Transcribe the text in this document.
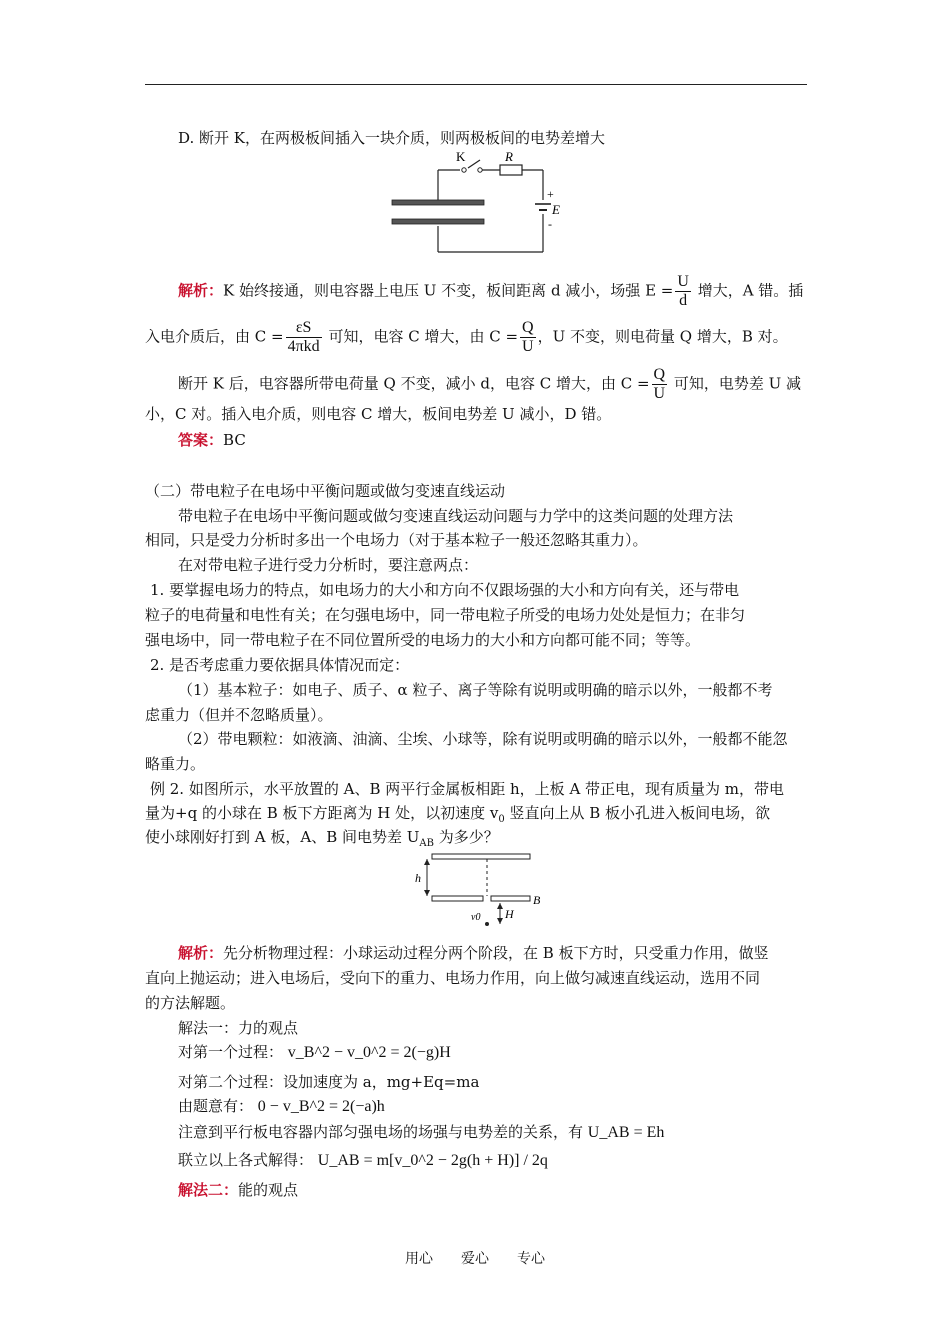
D. 断开 K，在两极板间插入一块介质，则两极板间的电势差增大
K	R
+
E
-
解析：K 始终接通，则电容器上电压 U 不变，板间距离 d 减小，场强 $E = \frac{U}{d}$ 增大，A 错。插
入电介质后，由 $C = \frac{\varepsilon S}{\text{4πkd}}$ 可知，电容 C 增大，由 $C = \frac{Q}{U}$ ，U 不变，则电荷量 Q 增大，B 对。
断开 K 后，电容器所带电荷量 Q 不变，减小 d，电容 C 增大，由 $C = \frac{Q}{U}$ 可知，电势差 U 减
小，C 对。插入电介质，则电容 C 增大，板间电势差 U 减小，D 错。
答案：BC
（二）带电粒子在电场中平衡问题或做匀变速直线运动
带电粒子在电场中平衡问题或做匀变速直线运动问题与力学中的这类问题的处理方法
相同，只是受力分析时多出一个电场力（对于基本粒子一般还忽略其重力）。
在对带电粒子进行受力分析时，要注意两点：
1. 要掌握电场力的特点，如电场力的大小和方向不仅跟场强的大小和方向有关，还与带电
粒子的电荷量和电性有关；在匀强电场中，同一带电粒子所受的电场力处处是恒力；在非匀
强电场中，同一带电粒子在不同位置所受的电场力的大小和方向都可能不同；等等。
2. 是否考虑重力要依据具体情况而定：
（1）基本粒子：如电子、质子、α 粒子、离子等除有说明或明确的暗示以外，一般都不考
虑重力（但并不忽略质量）。
（2）带电颗粒：如液滴、油滴、尘埃、小球等，除有说明或明确的暗示以外，一般都不能忽
略重力。
例 2. 如图所示，水平放置的 A、B 两平行金属板相距 h，上板 A 带正电，现有质量为 m，带电
量为+q 的小球在 B 板下方距离为 H 处，以初速度 $v_0$ 竖直向上从 B 板小孔进入板间电场，欲
使小球刚好打到 A 板，A、B 间电势差 $U_{AB}$ 为多少？
h
B
H
v0
解析：先分析物理过程：小球运动过程分两个阶段，在 B 板下方时，只受重力作用，做竖
直向上抛运动；进入电场后，受向下的重力、电场力作用，向上做匀减速直线运动，选用不同
的方法解题。
解法一：力的观点
对第一个过程： v_B^2 − v_0^2 = 2(−g)H
对第二个过程：设加速度为 a，mg+Eq=ma
由题意有： 0 − v_B^2 = 2(−a)h
注意到平行板电容器内部匀强电场的场强与电势差的关系，有 U_AB = Eh
联立以上各式解得： U_AB = m[v_0^2 − 2g(h + H)] / 2q
解法二：能的观点
用心 爱心 专心
